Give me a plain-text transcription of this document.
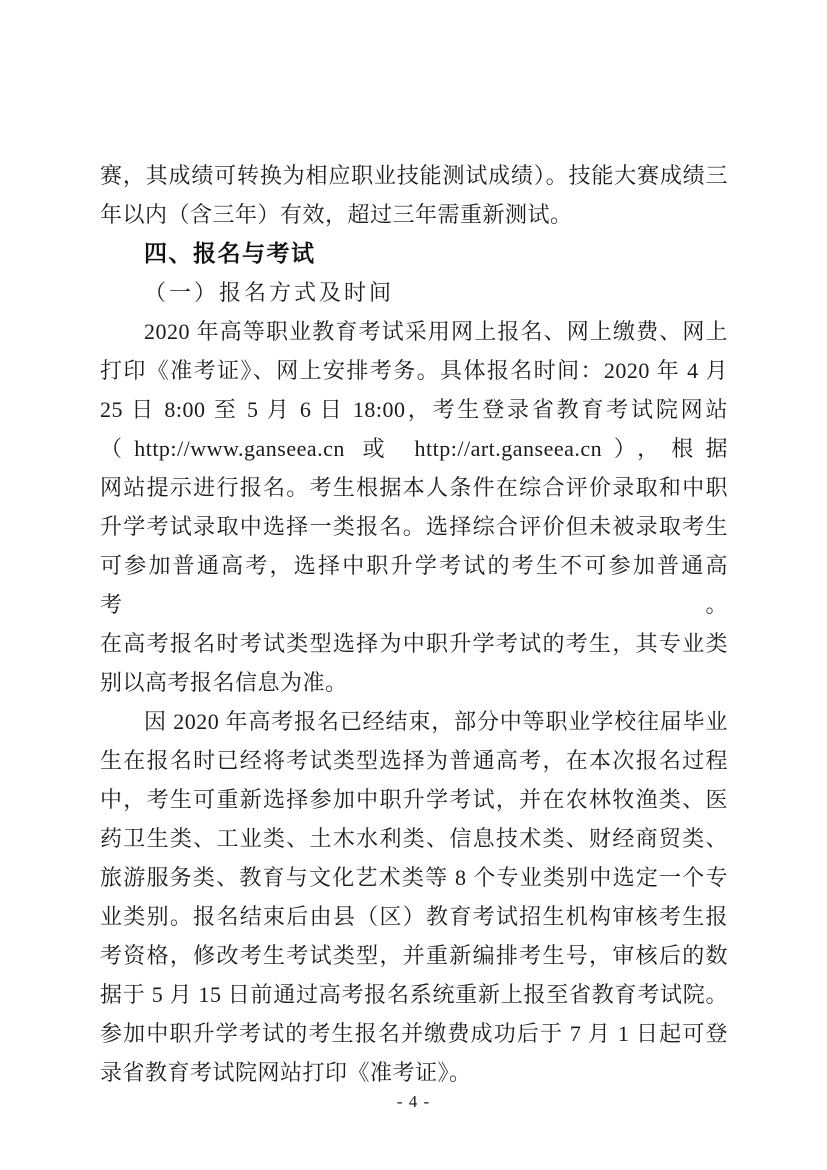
赛，其成绩可转换为相应职业技能测试成绩）。技能大赛成绩三
年以内（含三年）有效，超过三年需重新测试。
四、报名与考试
（一）报名方式及时间
2020 年高等职业教育考试采用网上报名、网上缴费、网上
打印《准考证》、网上安排考务。具体报名时间：2020 年 4 月
25 日 8:00 至 5 月 6 日 18:00，考生登录省教育考试院网站
（http://www.ganseea.cn 或 http://art.ganseea.cn），根据
网站提示进行报名。考生根据本人条件在综合评价录取和中职
升学考试录取中选择一类报名。选择综合评价但未被录取考生
可参加普通高考，选择中职升学考试的考生不可参加普通高考。
在高考报名时考试类型选择为中职升学考试的考生，其专业类
别以高考报名信息为准。
因 2020 年高考报名已经结束，部分中等职业学校往届毕业
生在报名时已经将考试类型选择为普通高考，在本次报名过程
中，考生可重新选择参加中职升学考试，并在农林牧渔类、医
药卫生类、工业类、土木水利类、信息技术类、财经商贸类、
旅游服务类、教育与文化艺术类等 8 个专业类别中选定一个专
业类别。报名结束后由县（区）教育考试招生机构审核考生报
考资格，修改考生考试类型，并重新编排考生号，审核后的数
据于 5 月 15 日前通过高考报名系统重新上报至省教育考试院。
参加中职升学考试的考生报名并缴费成功后于 7 月 1 日起可登
录省教育考试院网站打印《准考证》。
- 4 -
